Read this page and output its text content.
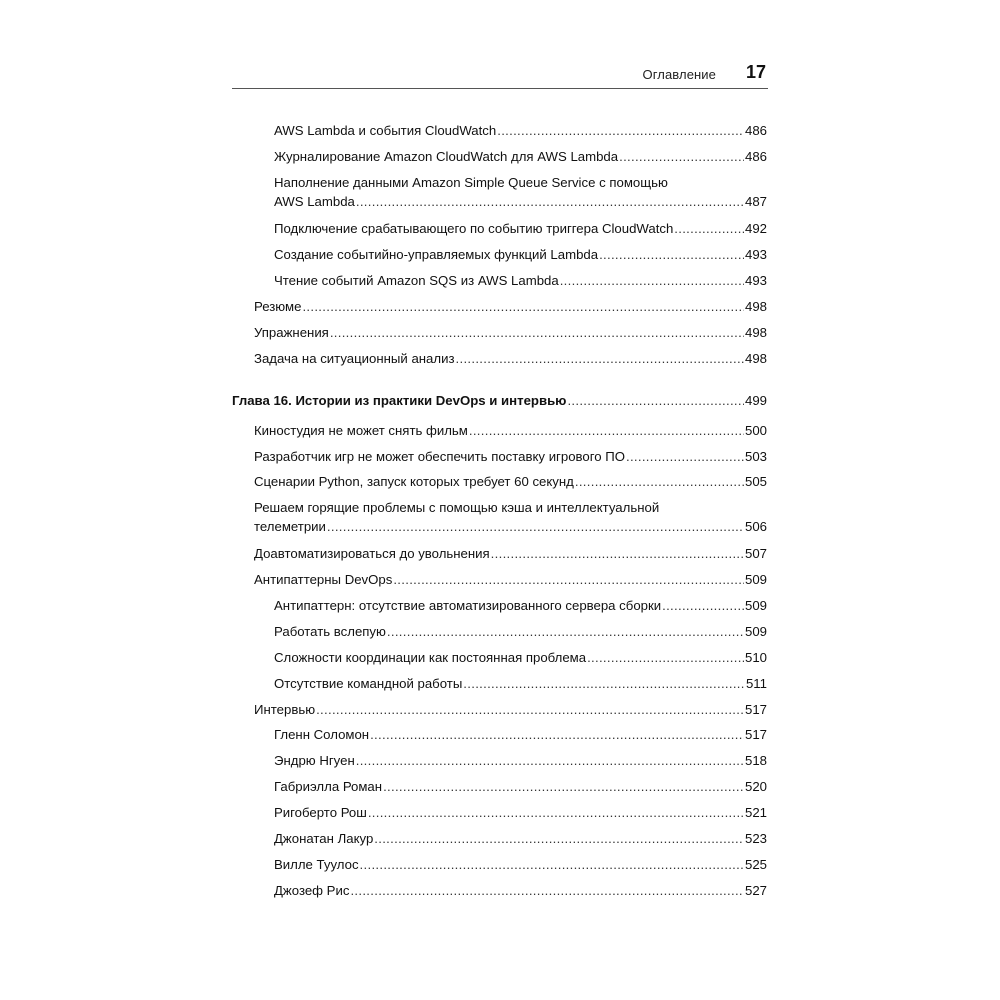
Оглавление 17
AWS Lambda и события CloudWatch .....	486
Журналирование Amazon CloudWatch для AWS Lambda .....	486
Наполнение данными Amazon Simple Queue Service с помощью
AWS Lambda .....	487
Подключение срабатывающего по событию триггера CloudWatch .....	492
Создание событийно-управляемых функций Lambda .....	493
Чтение событий Amazon SQS из AWS Lambda .....	493
Резюме .....	498
Упражнения .....	498
Задача на ситуационный анализ .....	498
Глава 16. Истории из практики DevOps и интервью .....	499
Киностудия не может снять фильм .....	500
Разработчик игр не может обеспечить поставку игрового ПО .....	503
Сценарии Python, запуск которых требует 60 секунд .....	505
Решаем горящие проблемы с помощью кэша и интеллектуальной
телеметрии .....	506
Доавтоматизироваться до увольнения .....	507
Антипаттерны DevOps .....	509
Антипаттерн: отсутствие автоматизированного сервера сборки .....	509
Работать вслепую .....	509
Сложности координации как постоянная проблема .....	510
Отсутствие командной работы .....	511
Интервью .....	517
Гленн Соломон .....	517
Эндрю Нгуен .....	518
Габриэлла Роман .....	520
Ригоберто Рош .....	521
Джонатан Лакур .....	523
Вилле Туулос .....	525
Джозеф Рис .....	527
